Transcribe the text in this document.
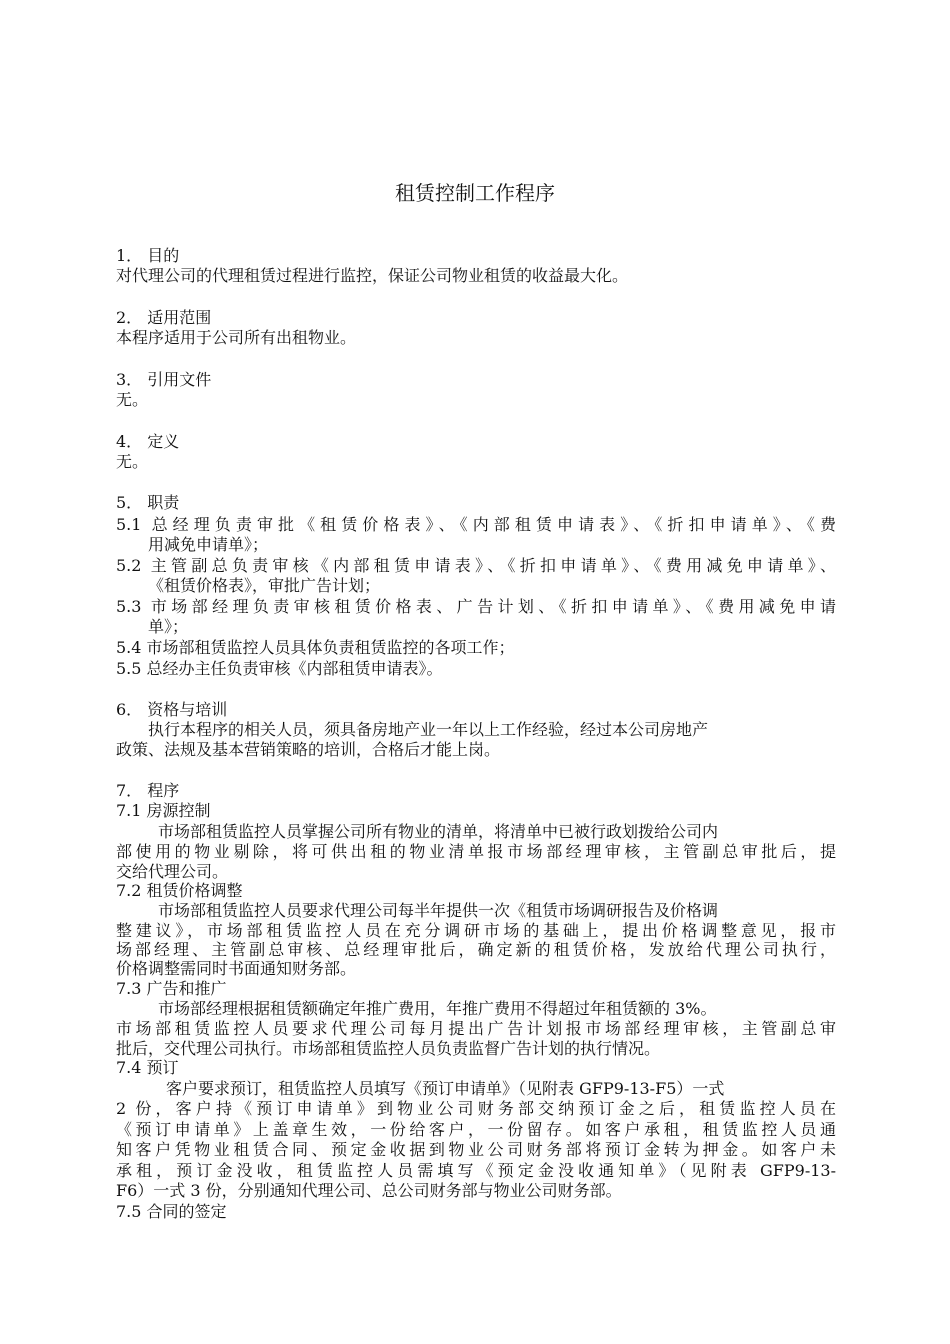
租赁控制工作程序
1． 目的
对代理公司的代理租赁过程进行监控，保证公司物业租赁的收益最大化。
2． 适用范围
本程序适用于公司所有出租物业。
3． 引用文件
无。
4． 定义
无。
5． 职责
5.1 总经理负责审批《租赁价格表》、《内部租赁申请表》、《折扣申请单》、《费
用减免申请单》；
5.2 主管副总负责审核《内部租赁申请表》、《折扣申请单》、《费用减免申请单》、
《租赁价格表》，审批广告计划；
5.3 市场部经理负责审核租赁价格表、广告计划、《折扣申请单》、《费用减免申请
单》；
5.4 市场部租赁监控人员具体负责租赁监控的各项工作；
5.5 总经办主任负责审核《内部租赁申请表》。
6． 资格与培训
执行本程序的相关人员，须具备房地产业一年以上工作经验，经过本公司房地产
政策、法规及基本营销策略的培训，合格后才能上岗。
7． 程序
7.1 房源控制
市场部租赁监控人员掌握公司所有物业的清单，将清单中已被行政划拨给公司内
部使用的物业剔除，将可供出租的物业清单报市场部经理审核，主管副总审批后，提
交给代理公司。
7.2 租赁价格调整
市场部租赁监控人员要求代理公司每半年提供一次《租赁市场调研报告及价格调
整建议》，市场部租赁监控人员在充分调研市场的基础上，提出价格调整意见，报市
场部经理、主管副总审核、总经理审批后，确定新的租赁价格，发放给代理公司执行，
价格调整需同时书面通知财务部。
7.3 广告和推广
市场部经理根据租赁额确定年推广费用，年推广费用不得超过年租赁额的 3%。
市场部租赁监控人员要求代理公司每月提出广告计划报市场部经理审核，主管副总审
批后，交代理公司执行。市场部租赁监控人员负责监督广告计划的执行情况。
7.4 预订
客户要求预订，租赁监控人员填写《预订申请单》（见附表 GFP9-13-F5）一式
2 份，客户持《预订申请单》到物业公司财务部交纳预订金之后，租赁监控人员在
《预订申请单》上盖章生效，一份给客户，一份留存。如客户承租，租赁监控人员通
知客户凭物业租赁合同、预定金收据到物业公司财务部将预订金转为押金。如客户未
承租，预订金没收，租赁监控人员需填写《预定金没收通知单》（见附表 GFP9-13-
F6）一式 3 份，分别通知代理公司、总公司财务部与物业公司财务部。
7.5 合同的签定
